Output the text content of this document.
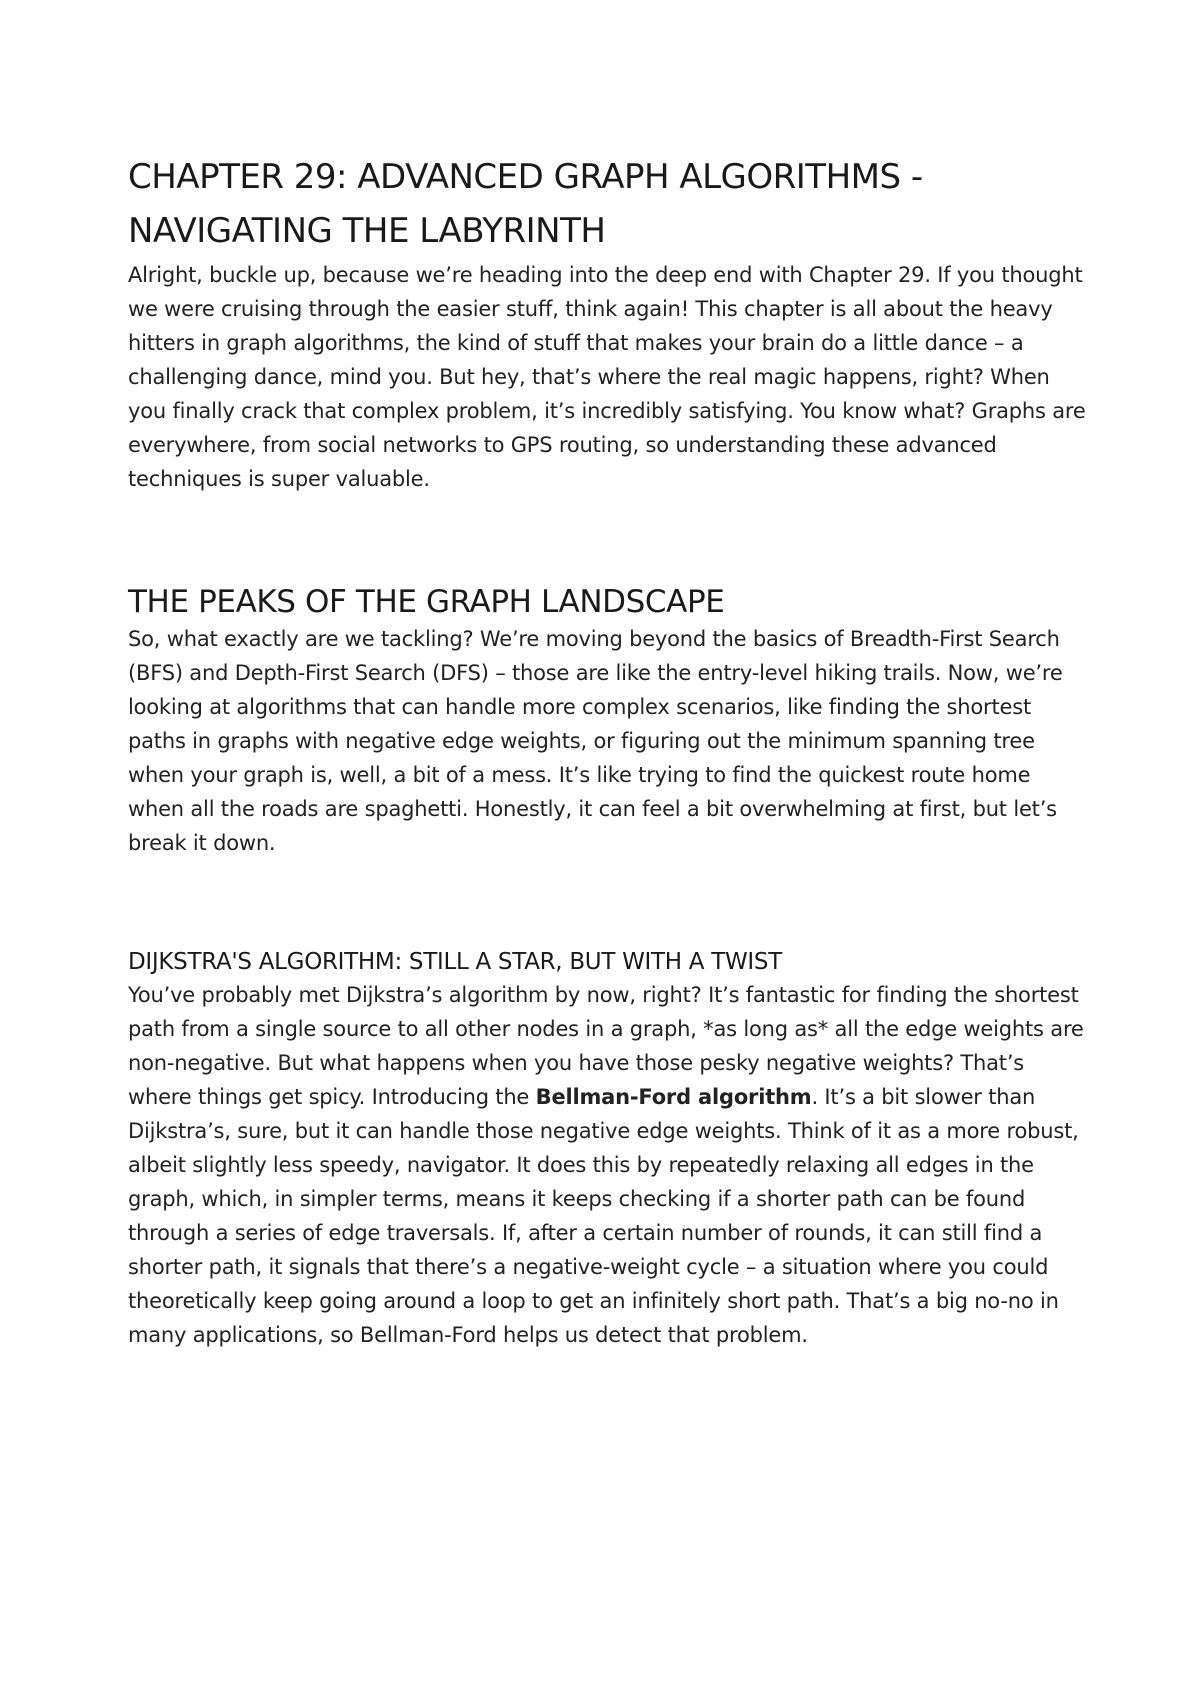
CHAPTER 29: ADVANCED GRAPH ALGORITHMS - NAVIGATING THE LABYRINTH

Alright, buckle up, because we’re heading into the deep end with Chapter 29. If you thought we were cruising through the easier stuff, think again! This chapter is all about the heavy hitters in graph algorithms, the kind of stuff that makes your brain do a little dance – a challenging dance, mind you. But hey, that’s where the real magic happens, right? When you finally crack that complex problem, it’s incredibly satisfying. You know what? Graphs are everywhere, from social networks to GPS routing, so understanding these advanced techniques is super valuable.

THE PEAKS OF THE GRAPH LANDSCAPE

So, what exactly are we tackling? We’re moving beyond the basics of Breadth-First Search (BFS) and Depth-First Search (DFS) – those are like the entry-level hiking trails. Now, we’re looking at algorithms that can handle more complex scenarios, like finding the shortest paths in graphs with negative edge weights, or figuring out the minimum spanning tree when your graph is, well, a bit of a mess. It’s like trying to find the quickest route home when all the roads are spaghetti. Honestly, it can feel a bit overwhelming at first, but let’s break it down.

DIJKSTRA'S ALGORITHM: STILL A STAR, BUT WITH A TWIST

You’ve probably met Dijkstra’s algorithm by now, right? It’s fantastic for finding the shortest path from a single source to all other nodes in a graph, *as long as* all the edge weights are non-negative. But what happens when you have those pesky negative weights? That’s where things get spicy. Introducing the Bellman-Ford algorithm. It’s a bit slower than Dijkstra’s, sure, but it can handle those negative edge weights. Think of it as a more robust, albeit slightly less speedy, navigator. It does this by repeatedly relaxing all edges in the graph, which, in simpler terms, means it keeps checking if a shorter path can be found through a series of edge traversals. If, after a certain number of rounds, it can still find a shorter path, it signals that there’s a negative-weight cycle – a situation where you could theoretically keep going around a loop to get an infinitely short path. That’s a big no-no in many applications, so Bellman-Ford helps us detect that problem.
